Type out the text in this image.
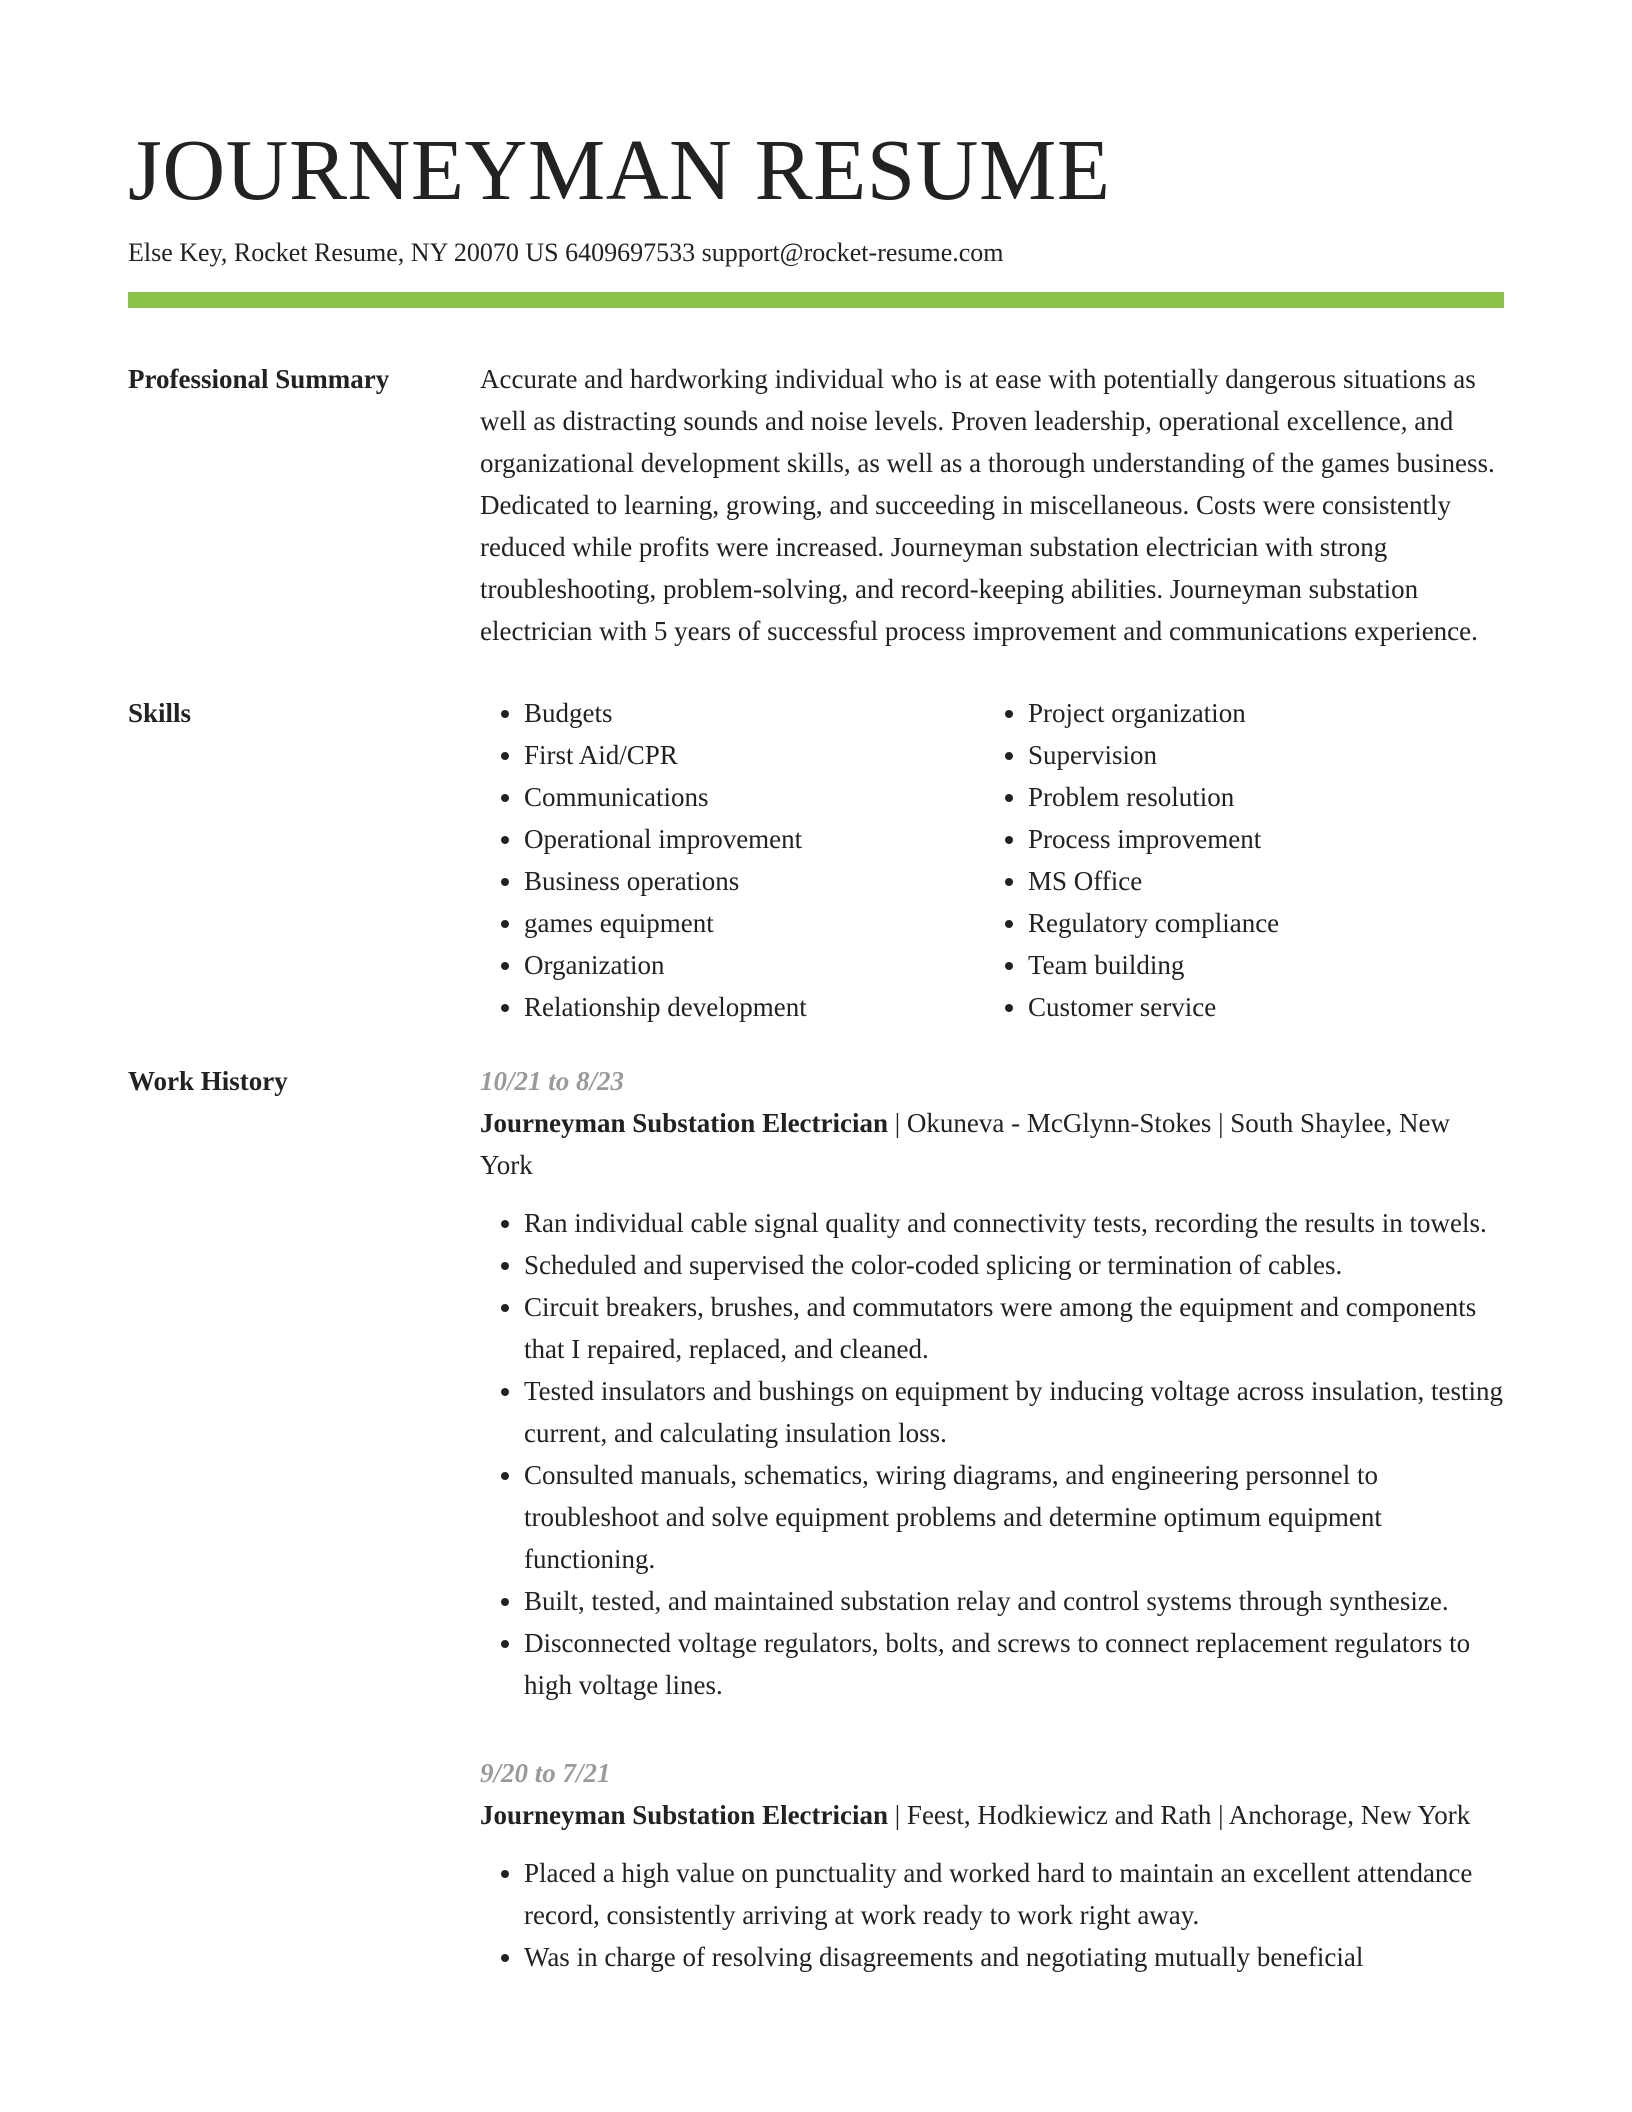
JOURNEYMAN RESUME
Else Key, Rocket Resume, NY 20070 US 6409697533 support@rocket-resume.com
Professional Summary	Accurate and hardworking individual who is at ease with potentially dangerous situations as well as distracting sounds and noise levels. Proven leadership, operational excellence, and organizational development skills, as well as a thorough understanding of the games business. Dedicated to learning, growing, and succeeding in miscellaneous. Costs were consistently reduced while profits were increased. Journeyman substation electrician with strong troubleshooting, problem-solving, and record-keeping abilities. Journeyman substation electrician with 5 years of successful process improvement and communications experience.

Skills
•	Budgets
• First Aid/CPR
• Communications
• Operational improvement
• Business operations
• games equipment
• Organization
• Relationship development
• Project organization
• Supervision
• Problem resolution
• Process improvement
• MS Office
• Regulatory compliance
• Team building
• Customer service
Work History	10/21 to 8/23

Journeyman Substation Electrician | Okuneva - McGlynn-Stokes | South Shaylee, New York

• Ran individual cable signal quality and connectivity tests, recording the results in towels.
• Scheduled and supervised the color-coded splicing or termination of cables.
• Circuit breakers, brushes, and commutators were among the equipment and components that I repaired, replaced, and cleaned.
• Tested insulators and bushings on equipment by inducing voltage across insulation, testing current, and calculating insulation loss.
• Consulted manuals, schematics, wiring diagrams, and engineering personnel to troubleshoot and solve equipment problems and determine optimum equipment functioning.
• Built, tested, and maintained substation relay and control systems through synthesize.
• Disconnected voltage regulators, bolts, and screws to connect replacement regulators to high voltage lines.
9/20 to 7/21

Journeyman Substation Electrician | Feest, Hodkiewicz and Rath | Anchorage, New York

• Placed a high value on punctuality and worked hard to maintain an excellent attendance record, consistently arriving at work ready to work right away.
• Was in charge of resolving disagreements and negotiating mutually beneficial
